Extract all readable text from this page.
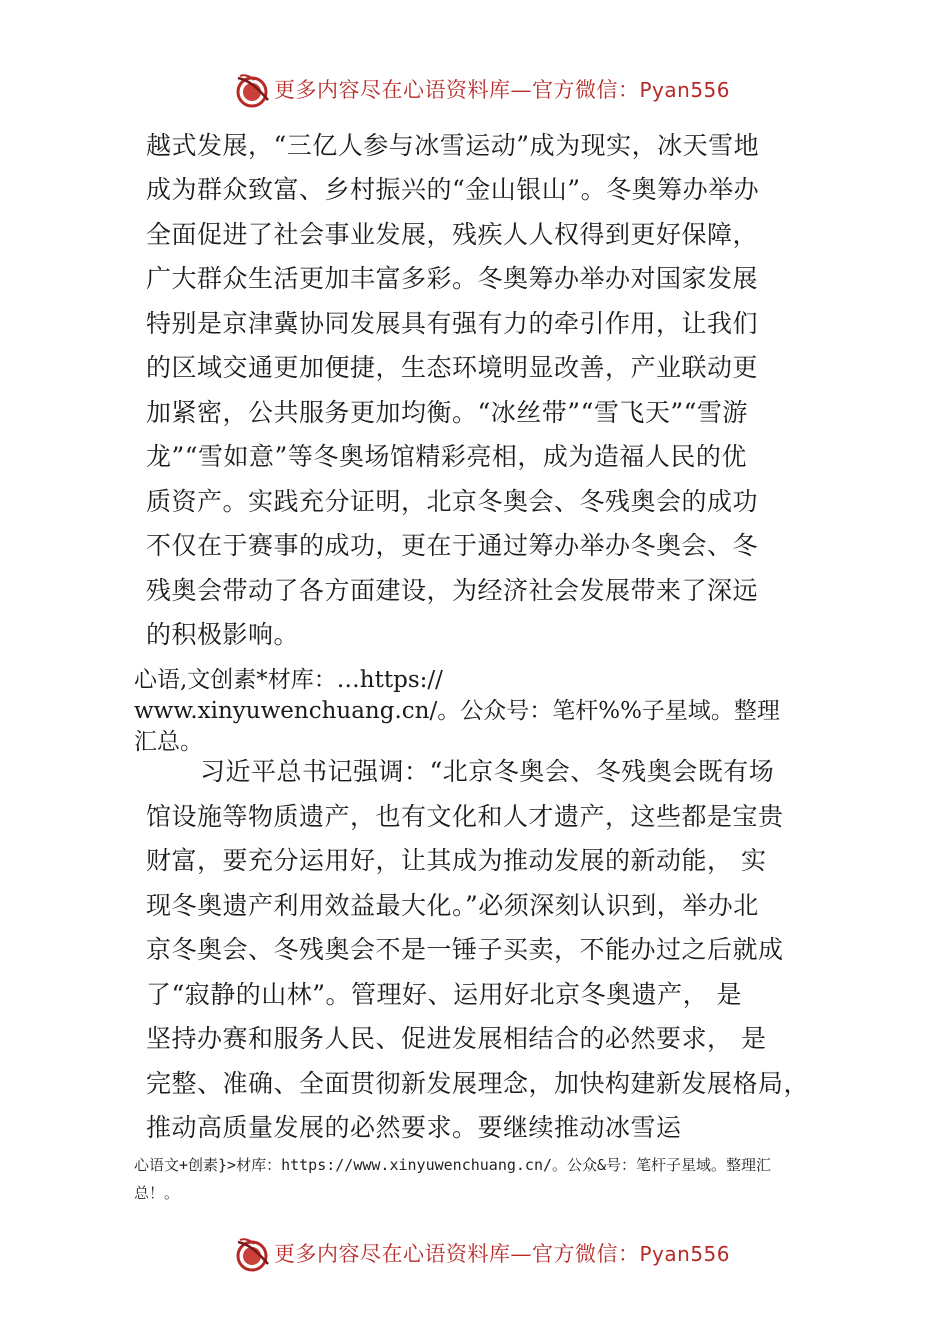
更多内容尽在心语资料库—官方微信：Pyan556
越式发展，“三亿人参与冰雪运动”成为现实，冰天雪地
成为群众致富、乡村振兴的“金山银山”。冬奥筹办举办
全面促进了社会事业发展，残疾人人权得到更好保障，
广大群众生活更加丰富多彩。冬奥筹办举办对国家发展
特别是京津冀协同发展具有强有力的牵引作用，让我们
的区域交通更加便捷，生态环境明显改善，产业联动更
加紧密，公共服务更加均衡。“冰丝带”“雪飞天”“雪游
龙”“雪如意”等冬奥场馆精彩亮相，成为造福人民的优
质资产。实践充分证明，北京冬奥会、冬残奥会的成功
不仅在于赛事的成功，更在于通过筹办举办冬奥会、冬
残奥会带动了各方面建设，为经济社会发展带来了深远
的积极影响。
心语,文创素*材库：…https://
www.xinyuwenchuang.cn/。公众号：笔杆%%子星域。整理
汇总。
习近平总书记强调：“北京冬奥会、冬残奥会既有场
馆设施等物质遗产，也有文化和人才遗产，这些都是宝贵
财富，要充分运用好，让其成为推动发展的新动能， 实
现冬奥遗产利用效益最大化。”必须深刻认识到，举办北
京冬奥会、冬残奥会不是一锤子买卖，不能办过之后就成
了“寂静的山林”。管理好、运用好北京冬奥遗产， 是
坚持办赛和服务人民、促进发展相结合的必然要求， 是
完整、准确、全面贯彻新发展理念，加快构建新发展格局，
推动高质量发展的必然要求。要继续推动冰雪运
心语文+创素}>材库：https://www.xinyuwenchuang.cn/。公众&号：笔杆子星域。整理汇
总！。
更多内容尽在心语资料库—官方微信：Pyan556
